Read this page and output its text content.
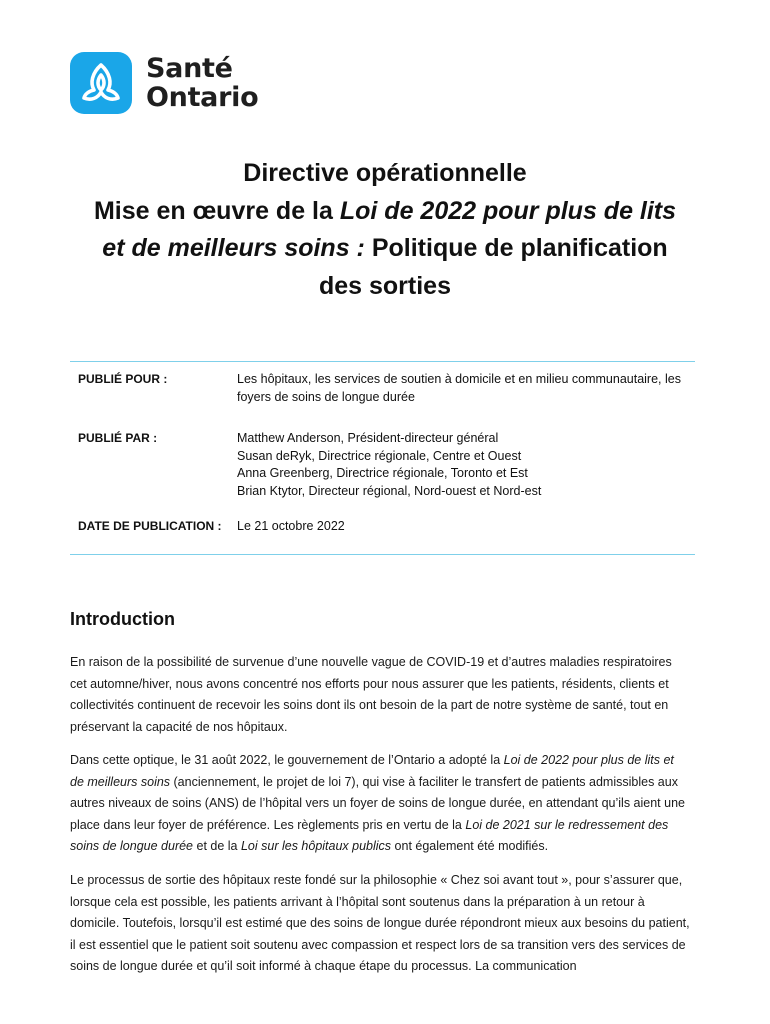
Santé
Ontario
Directive opérationnelle
Mise en œuvre de la Loi de 2022 pour plus de lits
et de meilleurs soins : Politique de planification
des sorties
PUBLIÉ POUR :	Les hôpitaux, les services de soutien à domicile et en milieu communautaire, les
foyers de soins de longue durée
PUBLIÉ PAR :	Matthew Anderson, Président-directeur général
Susan deRyk, Directrice régionale, Centre et Ouest
Anna Greenberg, Directrice régionale, Toronto et Est
Brian Ktytor, Directeur régional, Nord-ouest et Nord-est
DATE DE PUBLICATION : Le 21 octobre 2022
Introduction
En raison de la possibilité de survenue d’une nouvelle vague de COVID-19 et d’autres maladies respiratoires cet automne/hiver, nous avons concentré nos efforts pour nous assurer que les patients, résidents, clients et collectivités continuent de recevoir les soins dont ils ont besoin de la part de notre système de santé, tout en préservant la capacité de nos hôpitaux.
Dans cette optique, le 31 août 2022, le gouvernement de l’Ontario a adopté la Loi de 2022 pour plus de lits et de meilleurs soins (anciennement, le projet de loi 7), qui vise à faciliter le transfert de patients admissibles aux autres niveaux de soins (ANS) de l’hôpital vers un foyer de soins de longue durée, en attendant qu’ils aient une place dans leur foyer de préférence. Les règlements pris en vertu de la Loi de 2021 sur le redressement des soins de longue durée et de la Loi sur les hôpitaux publics ont également été modifiés.
Le processus de sortie des hôpitaux reste fondé sur la philosophie « Chez soi avant tout », pour s’assurer que, lorsque cela est possible, les patients arrivant à l’hôpital sont soutenus dans la préparation à un retour à domicile. Toutefois, lorsqu’il est estimé que des soins de longue durée répondront mieux aux besoins du patient, il est essentiel que le patient soit soutenu avec compassion et respect lors de sa transition vers des services de soins de longue durée et qu’il soit informé à chaque étape du processus. La communication
